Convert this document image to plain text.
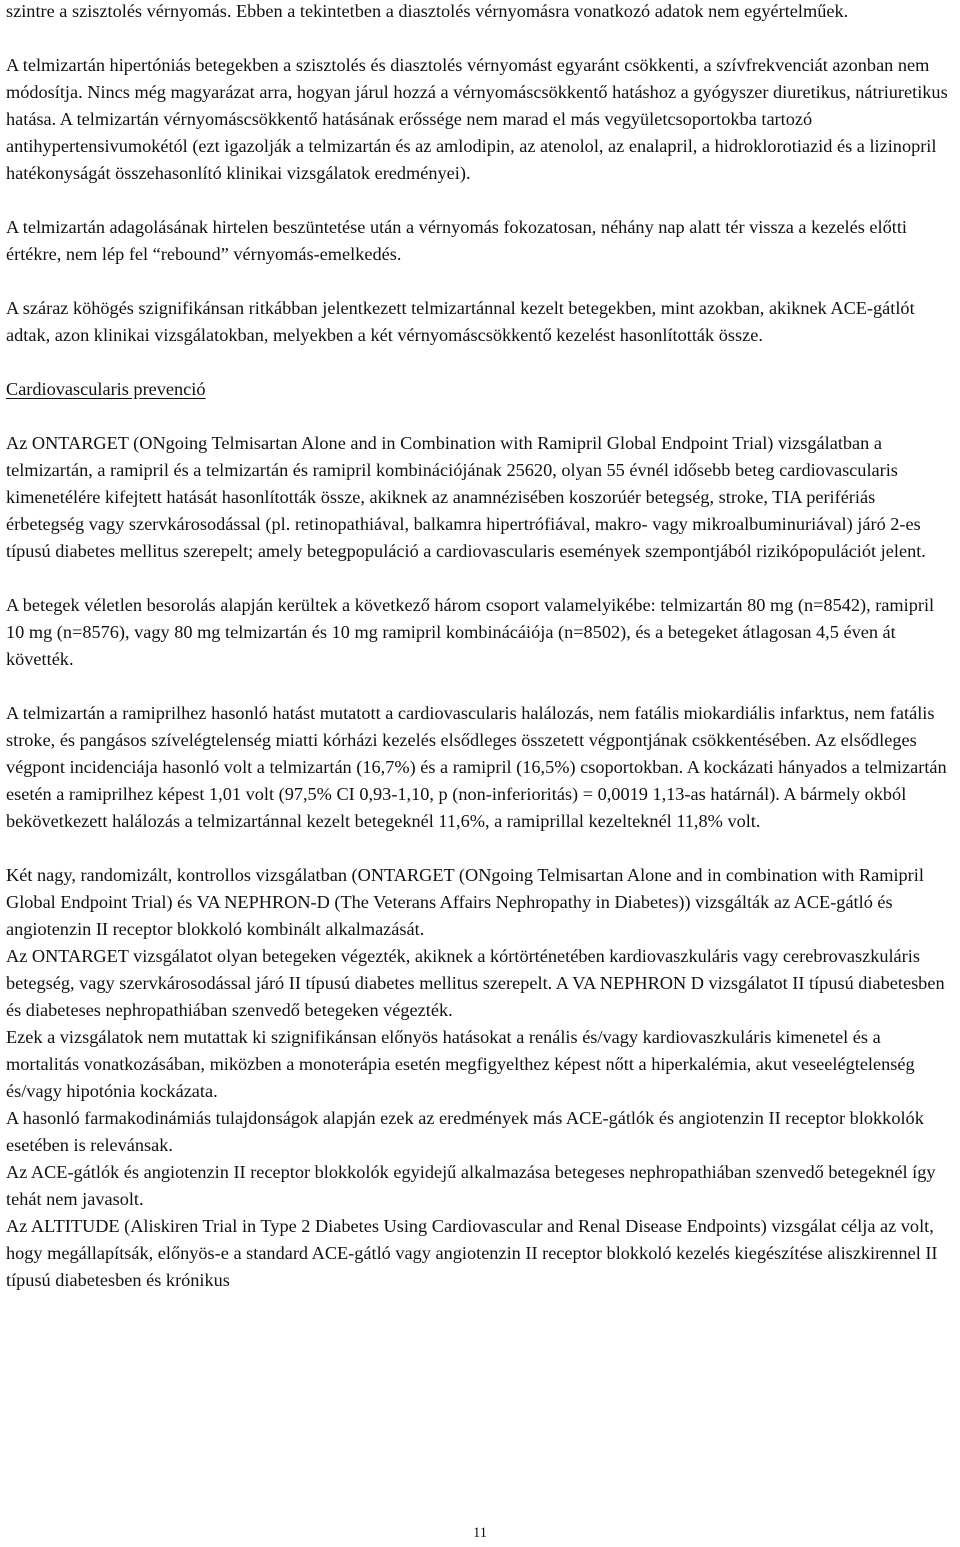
szintre a szisztolés vérnyomás. Ebben a tekintetben a diasztolés vérnyomásra vonatkozó adatok nem egyértelműek.

A telmizartán hipertóniás betegekben a szisztolés és diasztolés vérnyomást egyaránt csökkenti, a szívfrekvenciát azonban nem módosítja. Nincs még magyarázat arra, hogyan járul hozzá a vérnyomáscsökkentő hatáshoz a gyógyszer diuretikus, nátriuretikus hatása. A telmizartán vérnyomáscsökkentő hatásának erőssége nem marad el más vegyületcsoportokba tartozó antihypertensivumokétól (ezt igazolják a telmizartán és az amlodipin, az atenolol, az enalapril, a hidroklorotiazid és a lizinopril hatékonyságát összehasonlító klinikai vizsgálatok eredményei).

A telmizartán adagolásának hirtelen beszüntetése után a vérnyomás fokozatosan, néhány nap alatt tér vissza a kezelés előtti értékre, nem lép fel “rebound” vérnyomás-emelkedés.

A száraz köhögés szignifikánsan ritkábban jelentkezett telmizartánnal kezelt betegekben, mint azokban, akiknek ACE-gátlót adtak, azon klinikai vizsgálatokban, melyekben a két vérnyomáscsökkentő kezelést hasonlították össze.

Cardiovascularis prevenció

Az ONTARGET (ONgoing Telmisartan Alone and in Combination with Ramipril Global Endpoint Trial) vizsgálatban a telmizartán, a ramipril és a telmizartán és ramipril kombinációjának 25620, olyan 55 évnél idősebb beteg cardiovascularis kimenetélére kifejtett hatását hasonlították össze, akiknek az anamnézisében koszorúér betegség, stroke, TIA perifériás érbetegség vagy szervkárosodással (pl. retinopathiával, balkamra hipertrófiával, makro- vagy mikroalbuminuriával) járó 2-es típusú diabetes mellitus szerepelt; amely betegpopuláció a cardiovascularis események szempontjából rizikópopulációt jelent.

A betegek véletlen besorolás alapján kerültek a következő három csoport valamelyikébe: telmizartán 80 mg (n=8542), ramipril 10 mg (n=8576), vagy 80 mg telmizartán és 10 mg ramipril kombinácáiója (n=8502), és a betegeket átlagosan 4,5 éven át követték.

A telmizartán a ramiprilhez hasonló hatást mutatott a cardiovascularis halálozás, nem fatális miokardiális infarktus, nem fatális stroke, és pangásos szívelégtelenség miatti kórházi kezelés elsődleges összetett végpontjának csökkentésében. Az elsődleges végpont incidenciája hasonló volt a telmizartán (16,7%) és a ramipril (16,5%) csoportokban. A kockázati hányados a telmizartán esetén a ramiprilhez képest 1,01 volt (97,5% CI 0,93-1,10, p (non-inferioritás) = 0,0019 1,13-as határnál). A bármely okból bekövetkezett halálozás a telmizartánnal kezelt betegeknél 11,6%, a ramiprillal kezelteknél 11,8% volt.

Két nagy, randomizált, kontrollos vizsgálatban (ONTARGET (ONgoing Telmisartan Alone and in combination with Ramipril Global Endpoint Trial) és VA NEPHRON-D (The Veterans Affairs Nephropathy in Diabetes)) vizsgálták az ACE-gátló és angiotenzin II receptor blokkoló kombinált alkalmazását.

Az ONTARGET vizsgálatot olyan betegeken végezték, akiknek a kórtörténetében kardiovaszkuláris vagy cerebrovaszkuláris betegség, vagy szervkárosodással járó II típusú diabetes mellitus szerepelt. A VA NEPHRON D vizsgálatot II típusú diabetesben és diabeteses nephropathiában szenvedő betegeken végezték.

Ezek a vizsgálatok nem mutattak ki szignifikánsan előnyös hatásokat a renális és/vagy kardiovaszkuláris kimenetel és a mortalitás vonatkozásában, miközben a monoterápia esetén megfigyelthez képest nőtt a hiperkalémia, akut veseelégtelenség és/vagy hipotónia kockázata.

A hasonló farmakodinámiás tulajdonságok alapján ezek az eredmények más ACE-gátlók és angiotenzin II receptor blokkolók esetében is relevánsak.

Az ACE-gátlók és angiotenzin II receptor blokkolók egyidejű alkalmazása betegeses nephropathiában szenvedő betegeknél így tehát nem javasolt.

Az ALTITUDE (Aliskiren Trial in Type 2 Diabetes Using Cardiovascular and Renal Disease Endpoints) vizsgálat célja az volt, hogy megállapítsák, előnyös-e a standard ACE-gátló vagy angiotenzin II receptor blokkoló kezelés kiegészítése aliszkirennel II típusú diabetesben és krónikus

11
